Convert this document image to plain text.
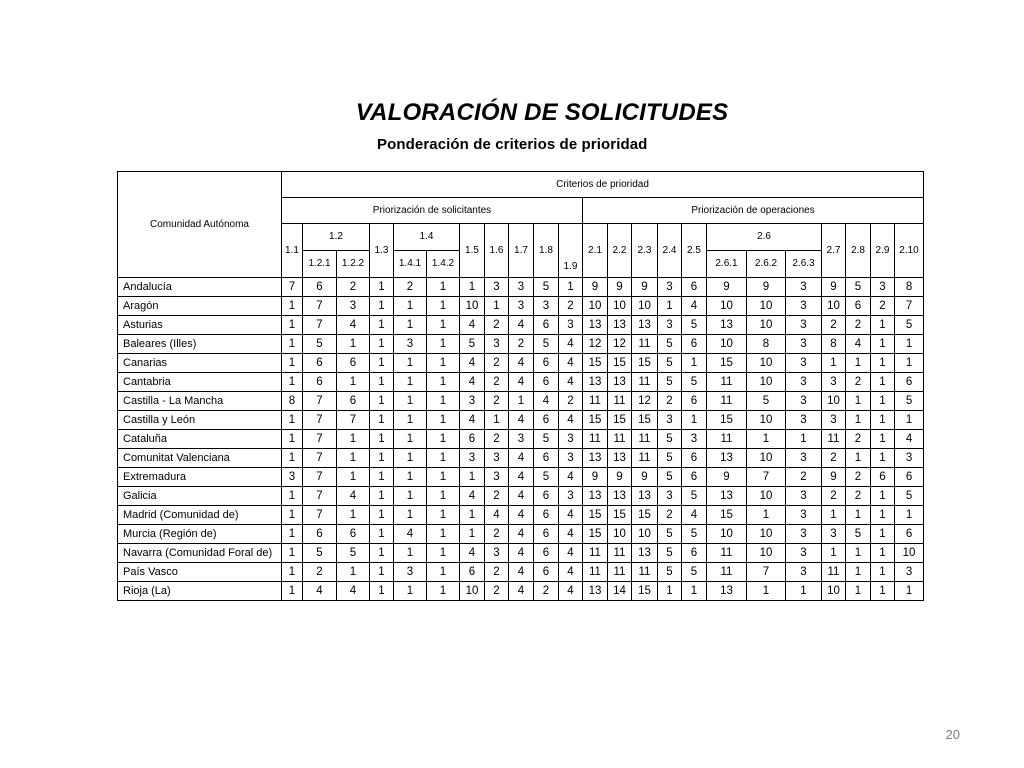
VALORACIÓN DE SOLICITUDES
Ponderación de criterios de prioridad
Comunidad Autónoma	Criterios de prioridad																						
	Priorización de solicitantes											Priorización de operaciones											
	1.1	1.2		1.3	1.4		1.5	1.6	1.7	1.8	1.9	2.1	2.2	2.3	2.4	2.5	2.6			2.7	2.8	2.9	2.10
		1.2.1	1.2.2		1.4.1	1.4.2											2.6.1	2.6.2	2.6.3				
Andalucía	7	6	2	1	2	1	1	3	3	5	1	9	9	9	3	6	9	9	3	9	5	3	8
Aragón	1	7	3	1	1	1	10	1	3	3	2	10	10	10	1	4	10	10	3	10	6	2	7
Asturias	1	7	4	1	1	1	4	2	4	6	3	13	13	13	3	5	13	10	3	2	2	1	5
Baleares (Illes)	1	5	1	1	3	1	5	3	2	5	4	12	12	11	5	6	10	8	3	8	4	1	1
Canarias	1	6	6	1	1	1	4	2	4	6	4	15	15	15	5	1	15	10	3	1	1	1	1
Cantabria	1	6	1	1	1	1	4	2	4	6	4	13	13	11	5	5	11	10	3	3	2	1	6
Castilla - La Mancha	8	7	6	1	1	1	3	2	1	4	2	11	11	12	2	6	11	5	3	10	1	1	5
Castilla y León	1	7	7	1	1	1	4	1	4	6	4	15	15	15	3	1	15	10	3	3	1	1	1
Cataluña	1	7	1	1	1	1	6	2	3	5	3	11	11	11	5	3	11	1	1	11	2	1	4
Comunitat Valenciana	1	7	1	1	1	1	3	3	4	6	3	13	13	11	5	6	13	10	3	2	1	1	3
Extremadura	3	7	1	1	1	1	1	3	4	5	4	9	9	9	5	6	9	7	2	9	2	6	6
Galicia	1	7	4	1	1	1	4	2	4	6	3	13	13	13	3	5	13	10	3	2	2	1	5
Madrid (Comunidad de)	1	7	1	1	1	1	1	4	4	6	4	15	15	15	2	4	15	1	3	1	1	1	1
Murcia (Región de)	1	6	6	1	4	1	1	2	4	6	4	15	10	10	5	5	10	10	3	3	5	1	6
Navarra (Comunidad Foral de)	1	5	5	1	1	1	4	3	4	6	4	11	11	13	5	6	11	10	3	1	1	1	10
País Vasco	1	2	1	1	3	1	6	2	4	6	4	11	11	11	5	5	11	7	3	11	1	1	3
Rioja (La)	1	4	4	1	1	1	10	2	4	2	4	13	14	15	1	1	13	1	1	10	1	1	1
20
